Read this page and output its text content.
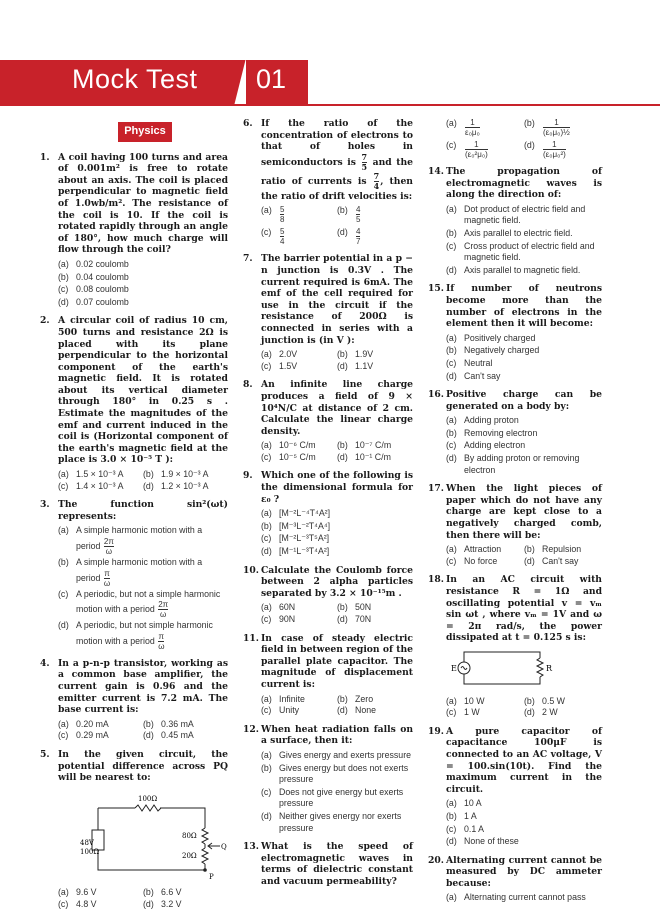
Mock Test 01
Physics
1. A coil having 100 turns and area of 0.001m² is free to rotate about an axis. The coil is placed perpendicular to magnetic field of 1.0wb/m². The resistance of the coil is 10. If the coil is rotated rapidly through an angle of 180°, how much charge will flow through the coil?
(a) 0.02 coulomb
(b) 0.04 coulomb
(c) 0.08 coulomb
(d) 0.07 coulomb
2. A circular coil of radius 10 cm, 500 turns and resistance 2Ω is placed with its plane perpendicular to the horizontal component of the earth's magnetic field. It is rotated about its vertical diameter through 180° in 0.25 s . Estimate the magnitudes of the emf and current induced in the coil is (Horizontal component of the earth's magnetic field at the place is 3.0 × 10⁻⁵ T ):
(a) 1.5 × 10⁻³ A (b) 1.9 × 10⁻³ A
(c) 1.4 × 10⁻³ A (d) 1.2 × 10⁻³ A
3. The function sin²(ωt) represents:
(a) A simple harmonic motion with a period $\frac{2\pi}{\omega}$
(b) A simple harmonic motion with a period $\frac{\pi}{\omega}$
(c) A periodic, but not a simple harmonic motion with a period $\frac{2\pi}{\omega}$
(d) A periodic, but not simple harmonic motion with a period $\frac{\pi}{\omega}$
4. In a p-n-p transistor, working as a common base amplifier, the current gain is 0.96 and the emitter current is 7.2 mA. The base current is:
(a) 0.20 mA	(b) 0.36 mA
(c) 0.29 mA	(d) 0.45 mA
5. In the given circuit, the potential difference across PQ will be nearest to:
100Ω
48V
100Ω
80Ω
20Ω
Q
P
(a) 9.6 V	(b) 6.6 V
(c) 4.8 V	(d) 3.2 V
6. If the ratio of the concentration of electrons to that of holes in semiconductors is $\frac{7}{5}$ and the ratio of currents is $\frac{7}{4}$ , then the ratio of drift velocities is:
(a)	$\frac{5}{8}$	(b)	$\frac{4}{5}$
(c)	$\frac{5}{4}$	(d)	$\frac{4}{7}$
7. The barrier potential in a p − n junction is 0.3V . The current required is 6mA. The emf of the cell required for use in the circuit if the resistance of 200Ω is connected in series with a junction is (in V ):
(a) 2.0V	(b) 1.9V
(c) 1.5V	(d) 1.1V
8. An infinite line charge produces a field of 9 × 10⁴N/C at distance of 2 cm. Calculate the linear charge density.
(a) 10⁻⁶ C/m (b) 10⁻⁷ C/m
(c) 10⁻⁵ C/m (d) 10⁻¹ C/m
9. Which one of the following is the dimensional formula for ε₀ ?
(a) [M⁻²L⁻⁴T⁴A²]
(b) [M⁻³L⁻²T⁴A⁴]
(c) [M⁻²L⁻³T⁵A²]
(d) [M⁻¹L⁻³T⁴A²]
10. Calculate the Coulomb force between 2 alpha particles separated by 3.2 × 10⁻¹⁵m .
(a) 60N	(b) 50N
(c) 90N	(d) 70N
11. In case of steady electric field in between region of the parallel plate capacitor. The magnitude of displacement current is:
(a) Infinite	(b) Zero
(c) Unity	(d) None
12. When heat radiation falls on a surface, then it:
(a) Gives energy and exerts pressure
(b) Gives energy but does not exerts pressure
(c) Does not give energy but exerts pressure
(d) Neither gives energy nor exerts pressure
13. What is the speed of electromagnetic waves in terms of dielectric constant and vacuum permeability?
(a)	$\frac{1}{\text{ε₀μ₀}}$	(b)	$\frac{1}{\text{(ε₀μ₀)½}}$
(c)	$\frac{1}{\text{(ε₀²μ₀)}}$	(d)	$\frac{1}{\text{(ε₀μ₀²)}}$
14. The propagation of electromagnetic waves is along the direction of:
(a) Dot product of electric field and magnetic field.
(b) Axis parallel to electric field.
(c) Cross product of electric field and magnetic field.
(d) Axis parallel to magnetic field.
15. If number of neutrons become more than the number of electrons in the element then it will become:
(a) Positively charged
(b) Negatively charged
(c) Neutral
(d) Can't say
16. Positive charge can be generated on a body by:
(a) Adding proton
(b) Removing electron
(c) Adding electron
(d) By adding proton or removing electron
17. When the light pieces of paper which do not have any charge are kept close to a negatively charged comb, then there will be:
(a) Attraction	(b) Repulsion
(c) No force	(d) Can't say
18. In an AC circuit with resistance R = 1Ω and oscillating potential v = vₘ sin ωt , where vₘ = 1V and ω = 2π rad/s, the power dissipated at t = 0.125 s is:
E	R
(a) 10 W	(b) 0.5 W
(c) 1 W	(d) 2 W
19. A pure capacitor of capacitance 100μF is connected to an AC voltage, V = 100.sin(10t). Find the maximum current in the circuit.
(a) 10 A
(b) 1 A
(c) 0.1 A
(d) None of these
20. Alternating current cannot be measured by DC ammeter because:
(a) Alternating current cannot pass
